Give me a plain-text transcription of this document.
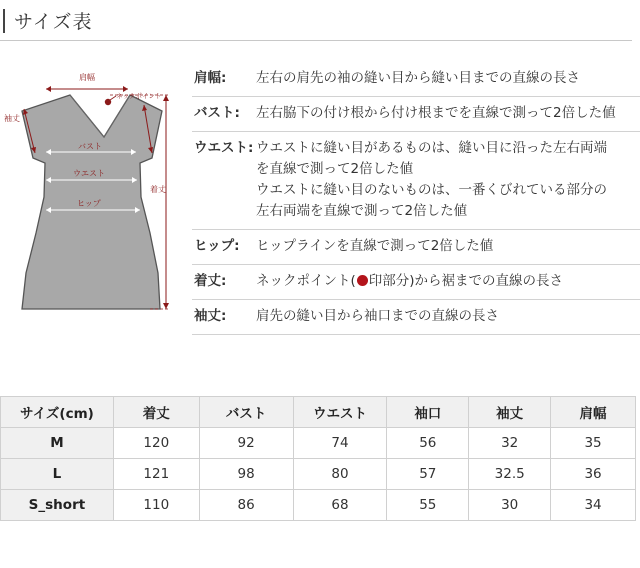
サイズ表
肩幅
ネックポイント
袖丈
バスト
ウエスト
ヒップ
着丈
肩幅:	左右の肩先の袖の縫い目から縫い目までの直線の長さ
バスト:	左右脇下の付け根から付け根までを直線で測って2倍した値
ウエスト: ウエストに縫い目があるものは、縫い目に沿った左右両端
を直線で測って2倍した値
ウエストに縫い目のないものは、一番くびれている部分の
左右両端を直線で測って2倍した値
ヒップ:	ヒップラインを直線で測って2倍した値
着丈:	ネックポイント( 印部分)から裾までの直線の長さ
袖丈:	肩先の縫い目から袖口までの直線の長さ
サイズ(cm)	着丈	バスト	ウエスト	袖口	袖丈	肩幅
M	120	92	74	56	32	35
L	121	98	80	57	32.5	36
S_short	110	86	68	55	30	34
